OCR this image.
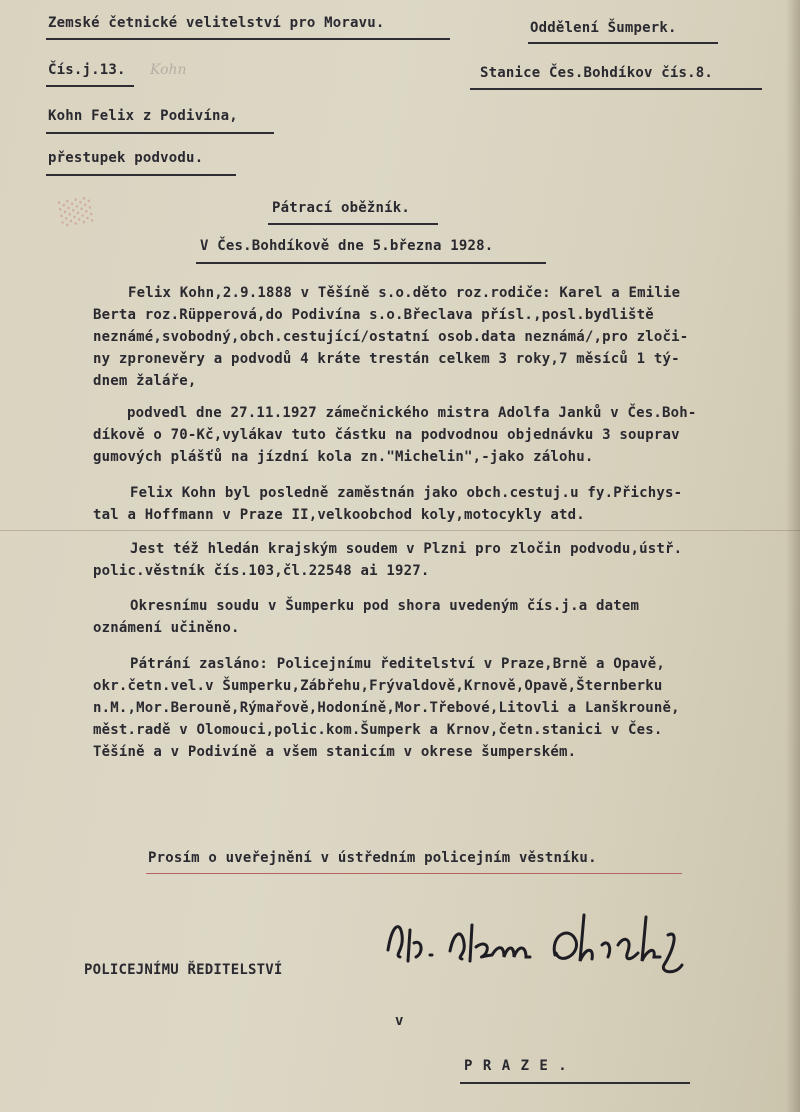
Kohn
░░
Zemské četnické velitelství pro Moravu.	Oddělení Šumperk.
Čís.j.13.	Stanice Čes.Bohdíkov čís.8.
Kohn Felix z Podivína,
přestupek podvodu.
Pátrací oběžník.
V Čes.Bohdíkově dne 5.března 1928.
Felix Kohn,2.9.1888 v Těšíně s.o.děto roz.rodiče: Karel a Emilie
Berta roz.Rüpperová,do Podivína s.o.Břeclava přísl.,posl.bydliště
neznámé,svobodný,obch.cestující/ostatní osob.data neznámá/,pro zloči-
ny zpronevěry a podvodů 4 kráte trestán celkem 3 roky,7 měsíců 1 tý-
dnem žaláře,
podvedl dne 27.11.1927 zámečnického mistra Adolfa Janků v Čes.Boh-
díkově o 70-Kč,vylákav tuto částku na podvodnou objednávku 3 souprav
gumových plášťů na jízdní kola zn."Michelin",-jako zálohu.
Felix Kohn byl posledně zaměstnán jako obch.cestuj.u fy.Přichys-
tal a Hoffmann v Praze II,velkoobchod koly,motocykly atd.
Jest též hledán krajským soudem v Plzni pro zločin podvodu,ústř.
polic.věstník čís.103,čl.22548 ai 1927.
Okresnímu soudu v Šumperku pod shora uvedeným čís.j.a datem
oznámení učiněno.
Pátrání zasláno: Policejnímu ředitelství v Praze,Brně a Opavě,
okr.četn.vel.v Šumperku,Zábřehu,Frývaldově,Krnově,Opavě,Šternberku
n.M.,Mor.Berouně,Rýmařově,Hodoníně,Mor.Třebové,Litovli a Lanškrouně,
měst.radě v Olomouci,polic.kom.Šumperk a Krnov,četn.stanici v Čes.
Těšíně a v Podivíně a všem stanicím v okrese šumperském.
Prosím o uveřejnění v ústředním policejním věstníku.
POLICEJNÍMU ŘEDITELSTVÍ
v
P R A Z E .
